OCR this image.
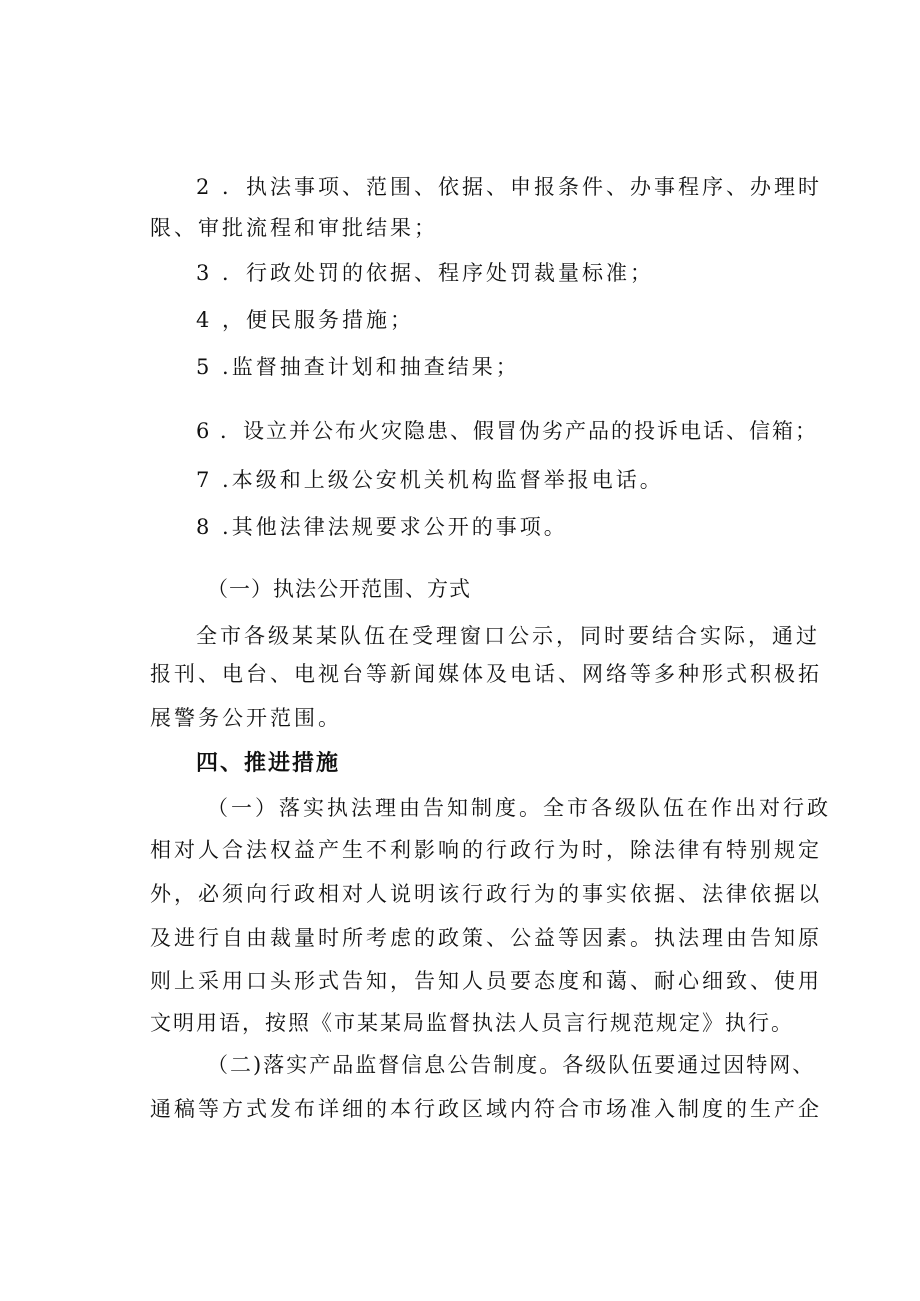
2 ．执法事项、范围、依据、申报条件、办事程序、办理时

限、审批流程和审批结果；

3 ．行政处罚的依据、程序处罚裁量标准；

4 ，便民服务措施；

5 .监督抽查计划和抽查结果；

6 ．设立并公布火灾隐患、假冒伪劣产品的投诉电话、信箱；

7 .本级和上级公安机关机构监督举报电话。

8 .其他法律法规要求公开的事项。

（一）执法公开范围、方式

全市各级某某队伍在受理窗口公示，同时要结合实际，通过

报刊、电台、电视台等新闻媒体及电话、网络等多种形式积极拓

展警务公开范围。

四、推进措施

（一）落实执法理由告知制度。全市各级队伍在作出对行政

相对人合法权益产生不利影响的行政行为时，除法律有特别规定

外，必须向行政相对人说明该行政行为的事实依据、法律依据以

及进行自由裁量时所考虑的政策、公益等因素。执法理由告知原

则上采用口头形式告知，告知人员要态度和蔼、耐心细致、使用

文明用语，按照《市某某局监督执法人员言行规范规定》执行。

（二)落实产品监督信息公告制度。各级队伍要通过因特网、

通稿等方式发布详细的本行政区域内符合市场准入制度的生产企
